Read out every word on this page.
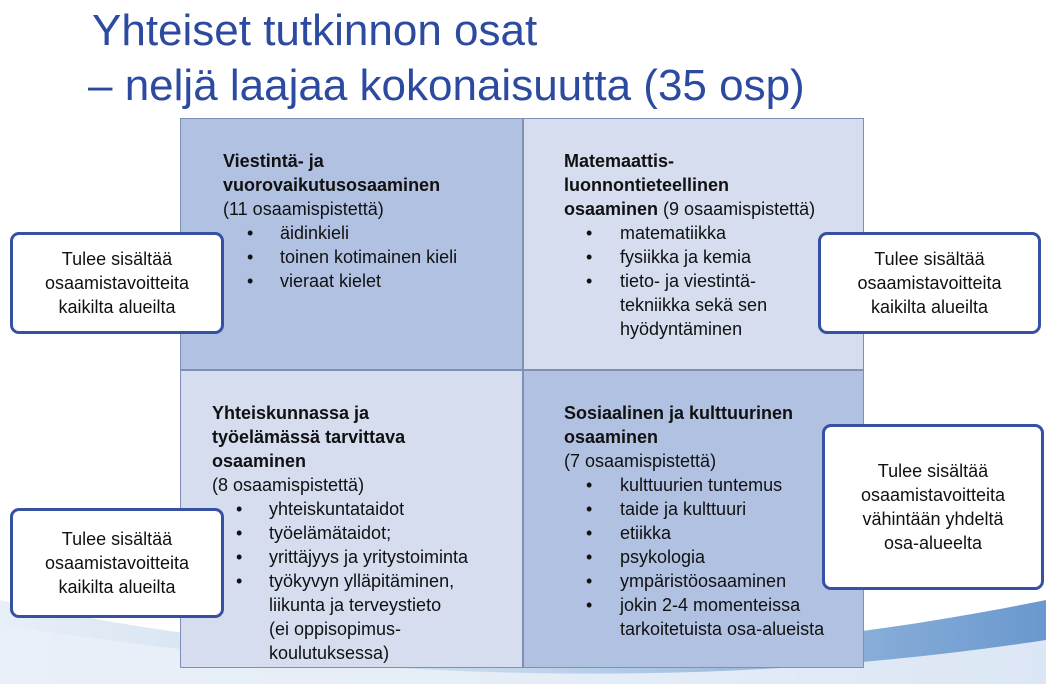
Yhteiset tutkinnon osat
– neljä laajaa kokonaisuutta (35 osp)
Viestintä- ja
vuorovaikutusosaaminen
(11 osaamispistettä)
• äidinkieli
• toinen kotimainen kieli
• vieraat kielet
Matemaattis-
luonnontieteellinen
osaaminen (9 osaamispistettä)
• matematiikka
• fysiikka ja kemia
• tieto- ja viestintä-
tekniikka sekä sen
hyödyntäminen
Yhteiskunnassa ja
työelämässä tarvittava
osaaminen
(8 osaamispistettä)
• yhteiskuntataidot
• työelämätaidot;
• yrittäjyys ja yritystoiminta
• työkyvyn ylläpitäminen,
liikunta ja terveystieto
(ei oppisopimus-
koulutuksessa)
Sosiaalinen ja kulttuurinen
osaaminen
(7 osaamispistettä)
• kulttuurien tuntemus
• taide ja kulttuuri
• etiikka
• psykologia
• ympäristöosaaminen
• jokin 2-4 momenteissa
tarkoitetuista osa-alueista
Tulee sisältää
osaamistavoitteita
kaikilta alueilta
Tulee sisältää
osaamistavoitteita
kaikilta alueilta
Tulee sisältää
osaamistavoitteita
kaikilta alueilta
Tulee sisältää
osaamistavoitteita
vähintään yhdeltä
osa-alueelta
